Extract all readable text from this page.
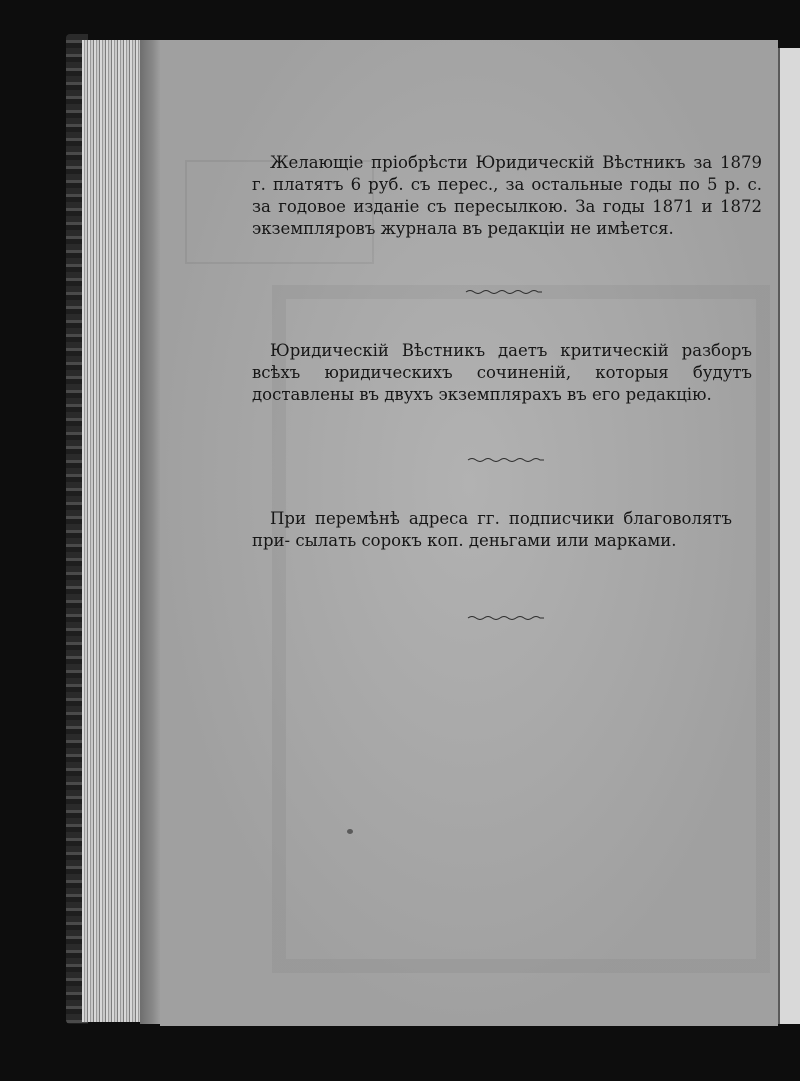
Желающіе пріобрѣсти Юридическій Вѣстникъ за 1879 г. платятъ 6 руб. съ перес., за остальные годы по 5 р. с. за годовое изданіе съ пересылкою. За годы 1871 и 1872 экземпляровъ журнала въ редакціи не имѣется.

Юридическій Вѣстникъ даетъ критическій разборъ всѣхъ юридическихъ сочиненій, которыя будутъ доставлены въ двухъ экземплярахъ въ его редакцію.

При перемѣнѣ адреса гг. подписчики благоволятъ при- сылать сорокъ коп. деньгами или марками.
